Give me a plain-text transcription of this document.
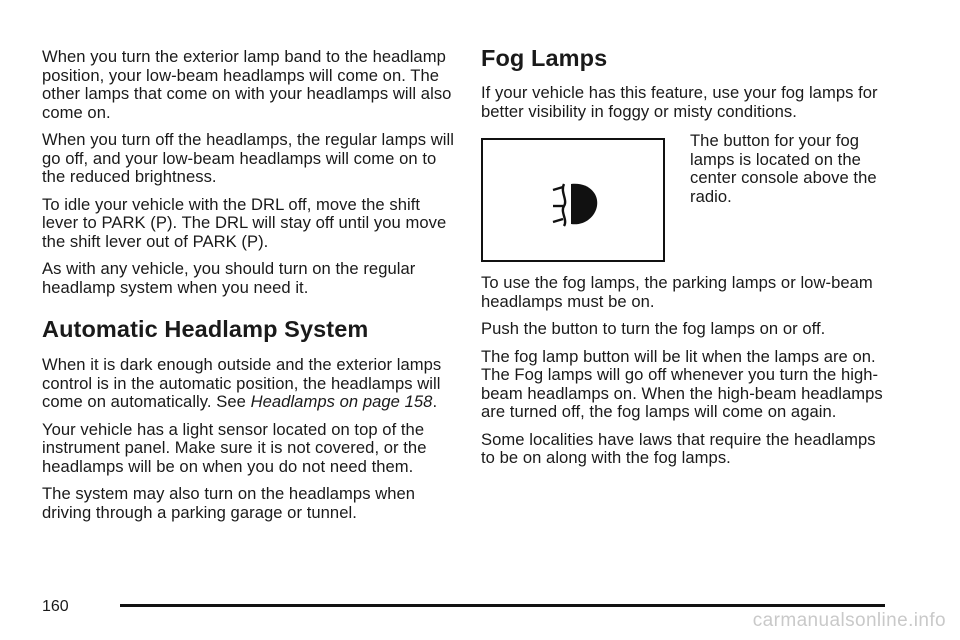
When you turn the exterior lamp band to the headlamp position, your low-beam headlamps will come on. The other lamps that come on with your headlamps will also come on.

When you turn off the headlamps, the regular lamps will go off, and your low-beam headlamps will come on to the reduced brightness.

To idle your vehicle with the DRL off, move the shift lever to PARK (P). The DRL will stay off until you move the shift lever out of PARK (P).

As with any vehicle, you should turn on the regular headlamp system when you need it.

Automatic Headlamp System

When it is dark enough outside and the exterior lamps control is in the automatic position, the headlamps will come on automatically. See Headlamps on page 158.

Your vehicle has a light sensor located on top of the instrument panel. Make sure it is not covered, or the headlamps will be on when you do not need them.

The system may also turn on the headlamps when driving through a parking garage or tunnel.

Fog Lamps

If your vehicle has this feature, use your fog lamps for better visibility in foggy or misty conditions.

The button for your fog lamps is located on the center console above the radio.

To use the fog lamps, the parking lamps or low-beam headlamps must be on.

Push the button to turn the fog lamps on or off.

The fog lamp button will be lit when the lamps are on. The Fog lamps will go off whenever you turn the high-beam headlamps on. When the high-beam headlamps are turned off, the fog lamps will come on again.

Some localities have laws that require the headlamps to be on along with the fog lamps.

160
carmanualsonline.info
